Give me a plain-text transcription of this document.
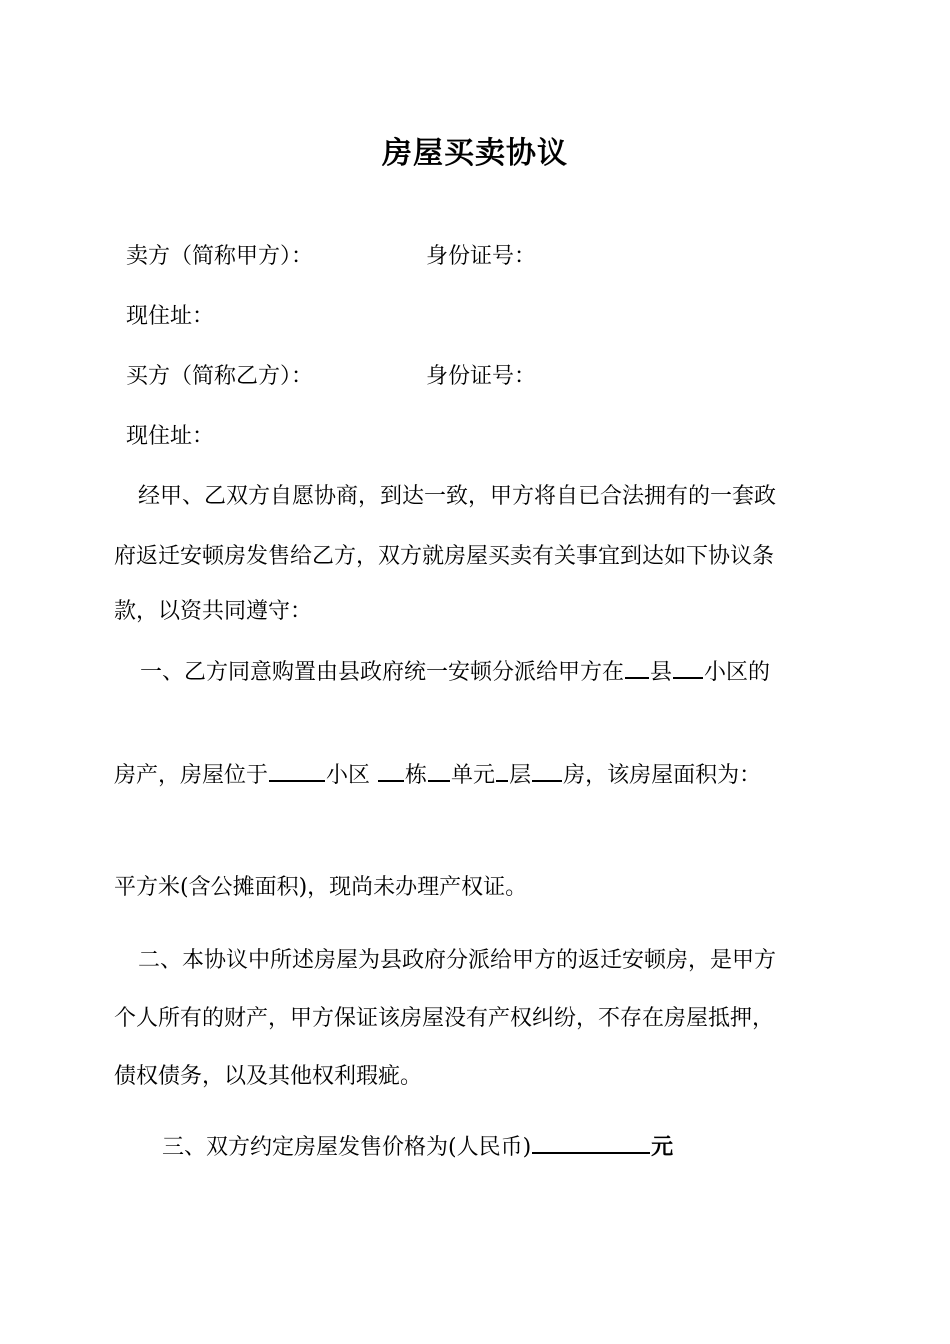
房屋买卖协议
卖方（简称甲方）：	身份证号：
现住址：
买方（简称乙方）：	身份证号：
现住址：
经甲、乙双方自愿协商，到达一致，甲方将自已合法拥有的一套政
府返迁安顿房发售给乙方，双方就房屋买卖有关事宜到达如下协议条
款，以资共同遵守：
一、乙方同意购置由县政府统一安顿分派给甲方在 县 小区的
房产，房屋位于	小区 栋 单元 层 房，该房屋面积为：
平方米(含公摊面积)，现尚未办理产权证。
二、本协议中所述房屋为县政府分派给甲方的返迁安顿房，是甲方
个人所有的财产，甲方保证该房屋没有产权纠纷，不存在房屋抵押，
债权债务，以及其他权利瑕疵。
三、双方约定房屋发售价格为(人民币)	元
